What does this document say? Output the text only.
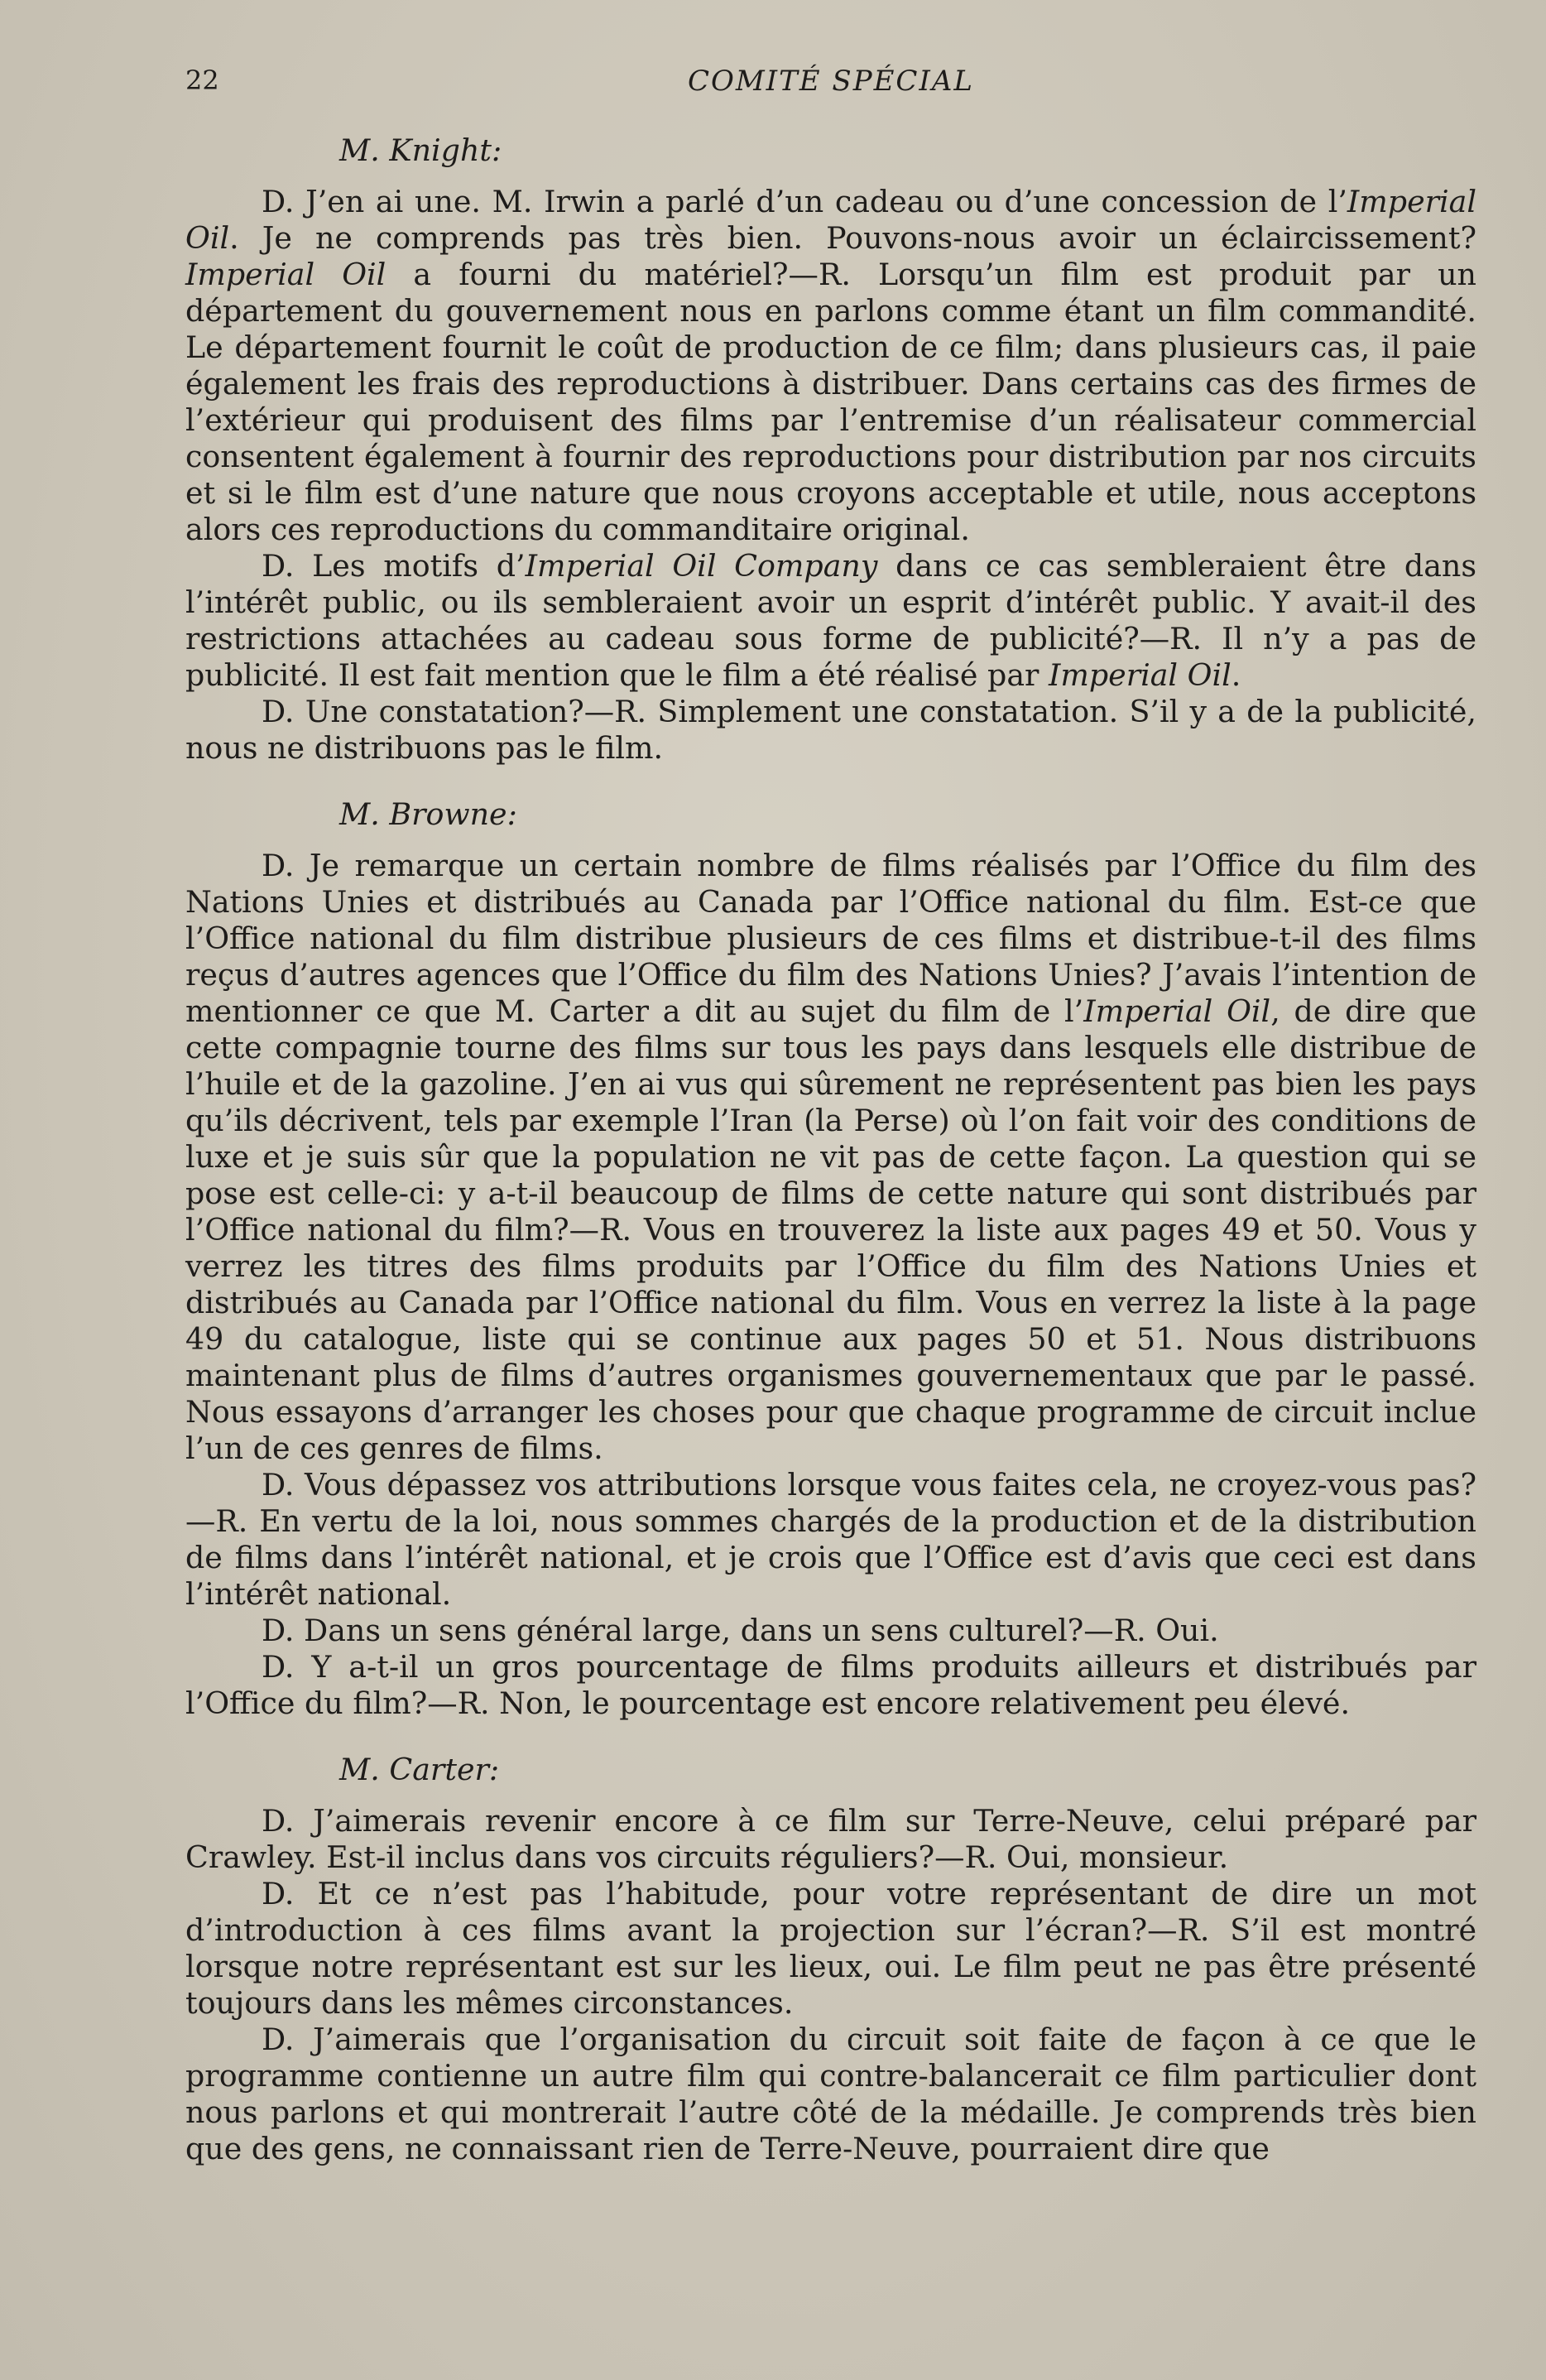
22	COMITÉ SPÉCIAL

M. Knight:

D. J’en ai une. M. Irwin a parlé d’un cadeau ou d’une concession de l’Imperial Oil. Je ne comprends pas très bien. Pouvons-nous avoir un éclaircissement? Imperial Oil a fourni du matériel?—R. Lorsqu’un film est produit par un département du gouvernement nous en parlons comme étant un film commandité. Le département fournit le coût de production de ce film; dans plusieurs cas, il paie également les frais des reproductions à distribuer. Dans certains cas des firmes de l’extérieur qui produisent des films par l’entremise d’un réalisateur commercial consentent également à fournir des reproductions pour distribution par nos circuits et si le film est d’une nature que nous croyons acceptable et utile, nous acceptons alors ces reproductions du commanditaire original.

D. Les motifs d’Imperial Oil Company dans ce cas sembleraient être dans l’intérêt public, ou ils sembleraient avoir un esprit d’intérêt public. Y avait-il des restrictions attachées au cadeau sous forme de publicité?—R. Il n’y a pas de publicité. Il est fait mention que le film a été réalisé par Imperial Oil.

D. Une constatation?—R. Simplement une constatation. S’il y a de la publicité, nous ne distribuons pas le film.

M. Browne:

D. Je remarque un certain nombre de films réalisés par l’Office du film des Nations Unies et distribués au Canada par l’Office national du film. Est-ce que l’Office national du film distribue plusieurs de ces films et distribue-t-il des films reçus d’autres agences que l’Office du film des Nations Unies? J’avais l’intention de mentionner ce que M. Carter a dit au sujet du film de l’Imperial Oil, de dire que cette compagnie tourne des films sur tous les pays dans lesquels elle distribue de l’huile et de la gazoline. J’en ai vus qui sûrement ne représentent pas bien les pays qu’ils décrivent, tels par exemple l’Iran (la Perse) où l’on fait voir des conditions de luxe et je suis sûr que la population ne vit pas de cette façon. La question qui se pose est celle-ci: y a-t-il beaucoup de films de cette nature qui sont distribués par l’Office national du film?—R. Vous en trouverez la liste aux pages 49 et 50. Vous y verrez les titres des films produits par l’Office du film des Nations Unies et distribués au Canada par l’Office national du film. Vous en verrez la liste à la page 49 du catalogue, liste qui se continue aux pages 50 et 51. Nous distribuons maintenant plus de films d’autres organismes gouvernementaux que par le passé. Nous essayons d’arranger les choses pour que chaque programme de circuit inclue l’un de ces genres de films.

D. Vous dépassez vos attributions lorsque vous faites cela, ne croyez-vous pas?—R. En vertu de la loi, nous sommes chargés de la production et de la distribution de films dans l’intérêt national, et je crois que l’Office est d’avis que ceci est dans l’intérêt national.

D. Dans un sens général large, dans un sens culturel?—R. Oui.

D. Y a-t-il un gros pourcentage de films produits ailleurs et distribués par l’Office du film?—R. Non, le pourcentage est encore relativement peu élevé.

M. Carter:

D. J’aimerais revenir encore à ce film sur Terre-Neuve, celui préparé par Crawley. Est-il inclus dans vos circuits réguliers?—R. Oui, monsieur.

D. Et ce n’est pas l’habitude, pour votre représentant de dire un mot d’introduction à ces films avant la projection sur l’écran?—R. S’il est montré lorsque notre représentant est sur les lieux, oui. Le film peut ne pas être présenté toujours dans les mêmes circonstances.

D. J’aimerais que l’organisation du circuit soit faite de façon à ce que le programme contienne un autre film qui contre-balancerait ce film particulier dont nous parlons et qui montrerait l’autre côté de la médaille. Je comprends très bien que des gens, ne connaissant rien de Terre-Neuve, pourraient dire que
